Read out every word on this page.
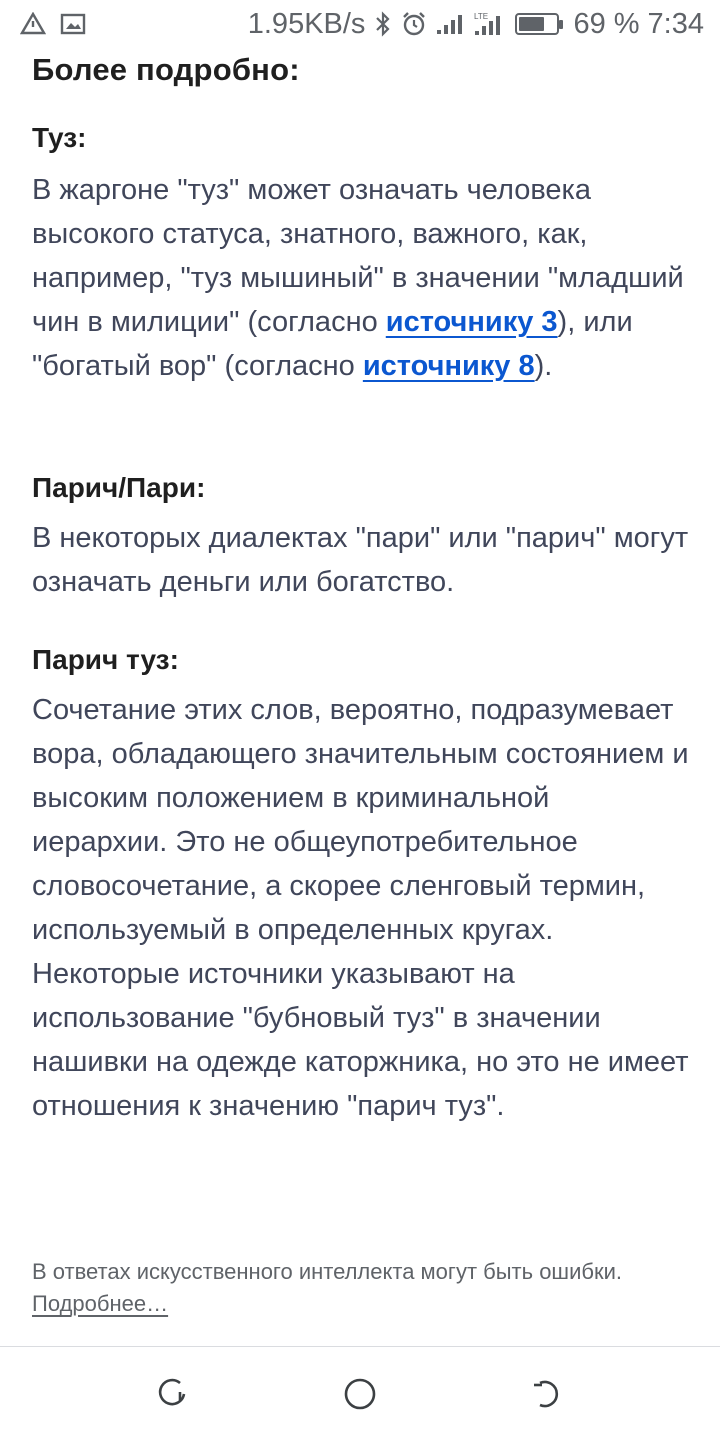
1.95KB/s	LTE	69 % 7:34
Более подробно:
Туз:
В жаргоне "туз" может означать человека высокого статуса, знатного, важного, как, например, "туз мышиный" в значении "младший чин в милиции" (согласно источнику 3), или "богатый вор" (согласно источнику 8).
Парич/Пари:
В некоторых диалектах "пари" или "парич" могут означать деньги или богатство.
Парич туз:
Сочетание этих слов, вероятно, подразумевает вора, обладающего значительным состоянием и высоким положением в криминальной иерархии. Это не общеупотребительное словосочетание, а скорее сленговый термин, используемый в определенных кругах. Некоторые источники указывают на использование "бубновый туз" в значении нашивки на одежде каторжника, но это не имеет отношения к значению "парич туз".
В ответах искусственного интеллекта могут быть ошибки.
Подробнее…
